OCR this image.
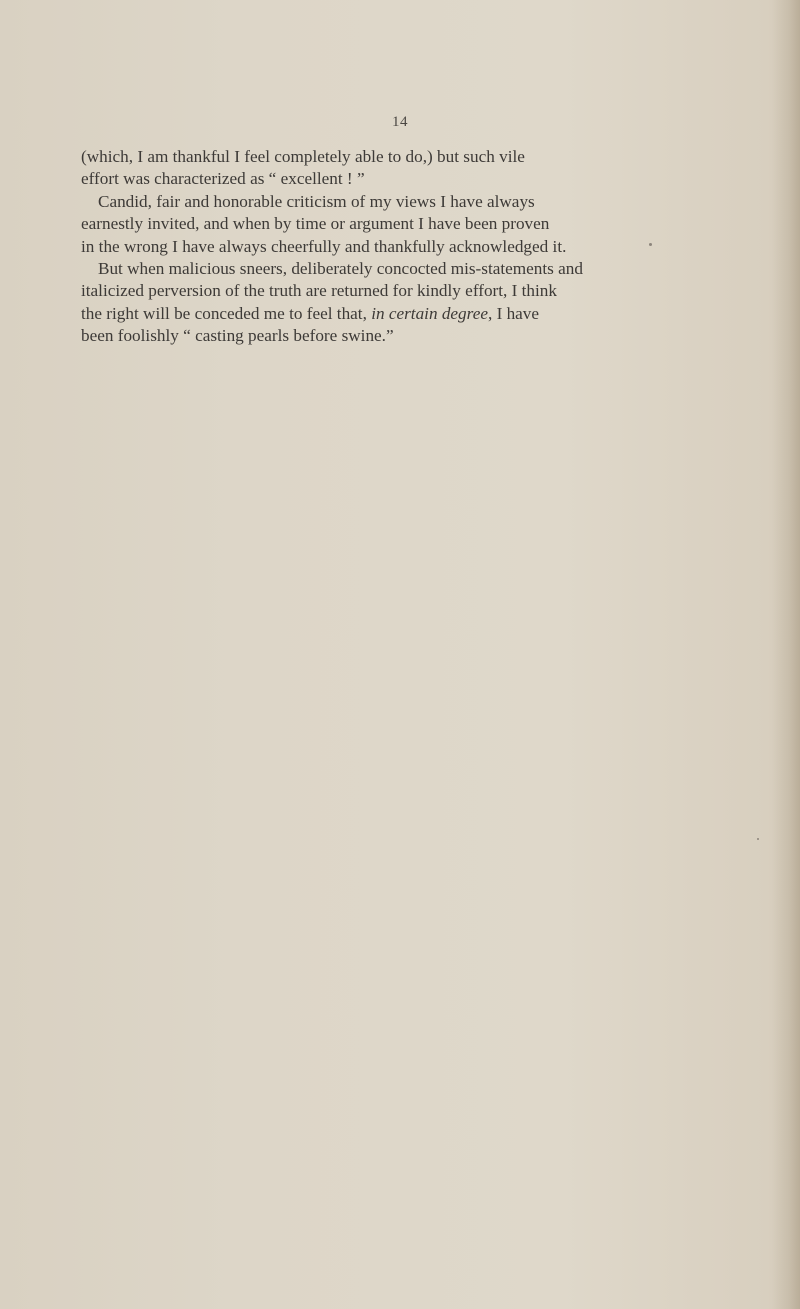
14

(which, I am thankful I feel completely able to do,) but such vile
effort was characterized as “ excellent ! ”

Candid, fair and honorable criticism of my views I have always
earnestly invited, and when by time or argument I have been proven
in the wrong I have always cheerfully and thankfully acknowledged it.

But when malicious sneers, deliberately concocted mis-statements and
italicized perversion of the truth are returned for kindly effort, I think
the right will be conceded me to feel that, in certain degree, I have
been foolishly “ casting pearls before swine.”
